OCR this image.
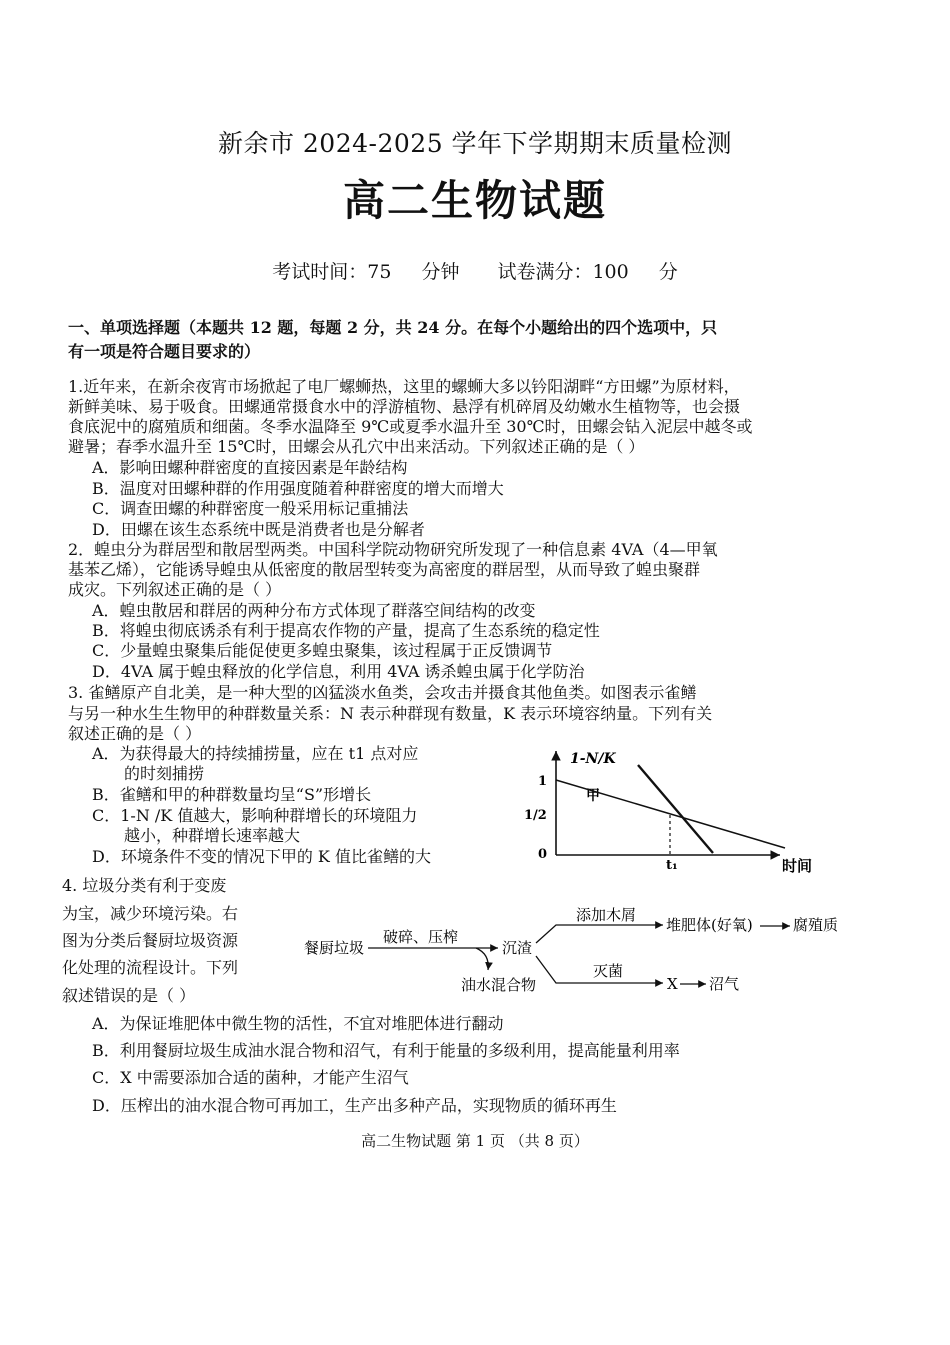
新余市 2024-2025 学年下学期期末质量检测
高二生物试题
考试时间：75 分钟 试卷满分：100 分
一、单项选择题（本题共 12 题，每题 2 分，共 24 分。在每个小题给出的四个选项中，只
有一项是符合题目要求的）
1.近年来，在新余夜宵市场掀起了电厂螺蛳热，这里的螺蛳大多以钤阳湖畔“方田螺”为原材料，
新鲜美味、易于吸食。田螺通常摄食水中的浮游植物、悬浮有机碎屑及幼嫩水生植物等，也会摄
食底泥中的腐殖质和细菌。冬季水温降至 9℃或夏季水温升至 30℃时，田螺会钻入泥层中越冬或
避暑；春季水温升至 15℃时，田螺会从孔穴中出来活动。下列叙述正确的是（ ）
A．影响田螺种群密度的直接因素是年龄结构
B．温度对田螺种群的作用强度随着种群密度的增大而增大
C．调查田螺的种群密度一般采用标记重捕法
D．田螺在该生态系统中既是消费者也是分解者
2．蝗虫分为群居型和散居型两类。中国科学院动物研究所发现了一种信息素 4VA（4—甲氧
基苯乙烯），它能诱导蝗虫从低密度的散居型转变为高密度的群居型，从而导致了蝗虫聚群
成灾。下列叙述正确的是（ ）
A．蝗虫散居和群居的两种分布方式体现了群落空间结构的改变
B．将蝗虫彻底诱杀有利于提高农作物的产量，提高了生态系统的稳定性
C．少量蝗虫聚集后能促使更多蝗虫聚集，该过程属于正反馈调节
D．4VA 属于蝗虫释放的化学信息，利用 4VA 诱杀蝗虫属于化学防治
3. 雀鳝原产自北美，是一种大型的凶猛淡水鱼类，会攻击并摄食其他鱼类。如图表示雀鳝
与另一种水生生物甲的种群数量关系：N 表示种群现有数量，K 表示环境容纳量。下列有关
叙述正确的是（ ）
A．为获得最大的持续捕捞量，应在 t1 点对应
的时刻捕捞
B．雀鳝和甲的种群数量均呈“S”形增长
C．1-N /K 值越大，影响种群增长的环境阻力
越小，种群增长速率越大
D．环境条件不变的情况下甲的 K 值比雀鳝的大
1-N/K
1
1/2
0
时间
t₁
甲
4. 垃圾分类有利于变废
为宝，减少环境污染。右
图为分类后餐厨垃圾资源
化处理的流程设计。下列
叙述错误的是（ ）
餐厨垃圾
破碎、压榨
沉渣
油水混合物
添加木屑
堆肥体(好氧)	腐殖质
灭菌
X 沼气
A．为保证堆肥体中微生物的活性，不宜对堆肥体进行翻动
B．利用餐厨垃圾生成油水混合物和沼气，有利于能量的多级利用，提高能量利用率
C．X 中需要添加合适的菌种，才能产生沼气
D．压榨出的油水混合物可再加工，生产出多种产品，实现物质的循环再生
高二生物试题 第 1 页 （共 8 页）
